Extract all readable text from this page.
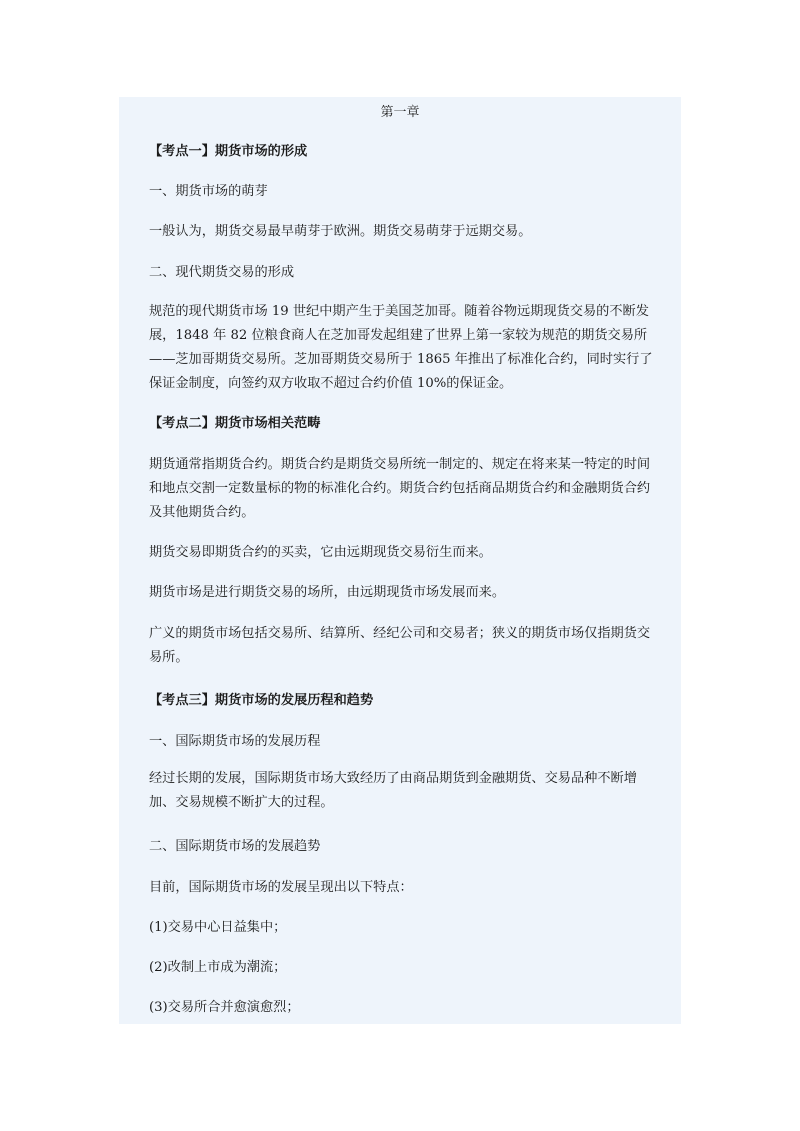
第一章
【考点一】期货市场的形成
一、期货市场的萌芽
一般认为，期货交易最早萌芽于欧洲。期货交易萌芽于远期交易。
二、现代期货交易的形成
规范的现代期货市场 19 世纪中期产生于美国芝加哥。随着谷物远期现货交易的不断发展，1848 年 82 位粮食商人在芝加哥发起组建了世界上第一家较为规范的期货交易所——芝加哥期货交易所。芝加哥期货交易所于 1865 年推出了标准化合约，同时实行了保证金制度，向签约双方收取不超过合约价值 10%的保证金。
【考点二】期货市场相关范畴
期货通常指期货合约。期货合约是期货交易所统一制定的、规定在将来某一特定的时间和地点交割一定数量标的物的标准化合约。期货合约包括商品期货合约和金融期货合约及其他期货合约。
期货交易即期货合约的买卖，它由远期现货交易衍生而来。
期货市场是进行期货交易的场所，由远期现货市场发展而来。
广义的期货市场包括交易所、结算所、经纪公司和交易者；狭义的期货市场仅指期货交易所。
【考点三】期货市场的发展历程和趋势
一、国际期货市场的发展历程
经过长期的发展，国际期货市场大致经历了由商品期货到金融期货、交易品种不断增加、交易规模不断扩大的过程。
二、国际期货市场的发展趋势
目前，国际期货市场的发展呈现出以下特点：
(1)交易中心日益集中；
(2)改制上市成为潮流；
(3)交易所合并愈演愈烈；
